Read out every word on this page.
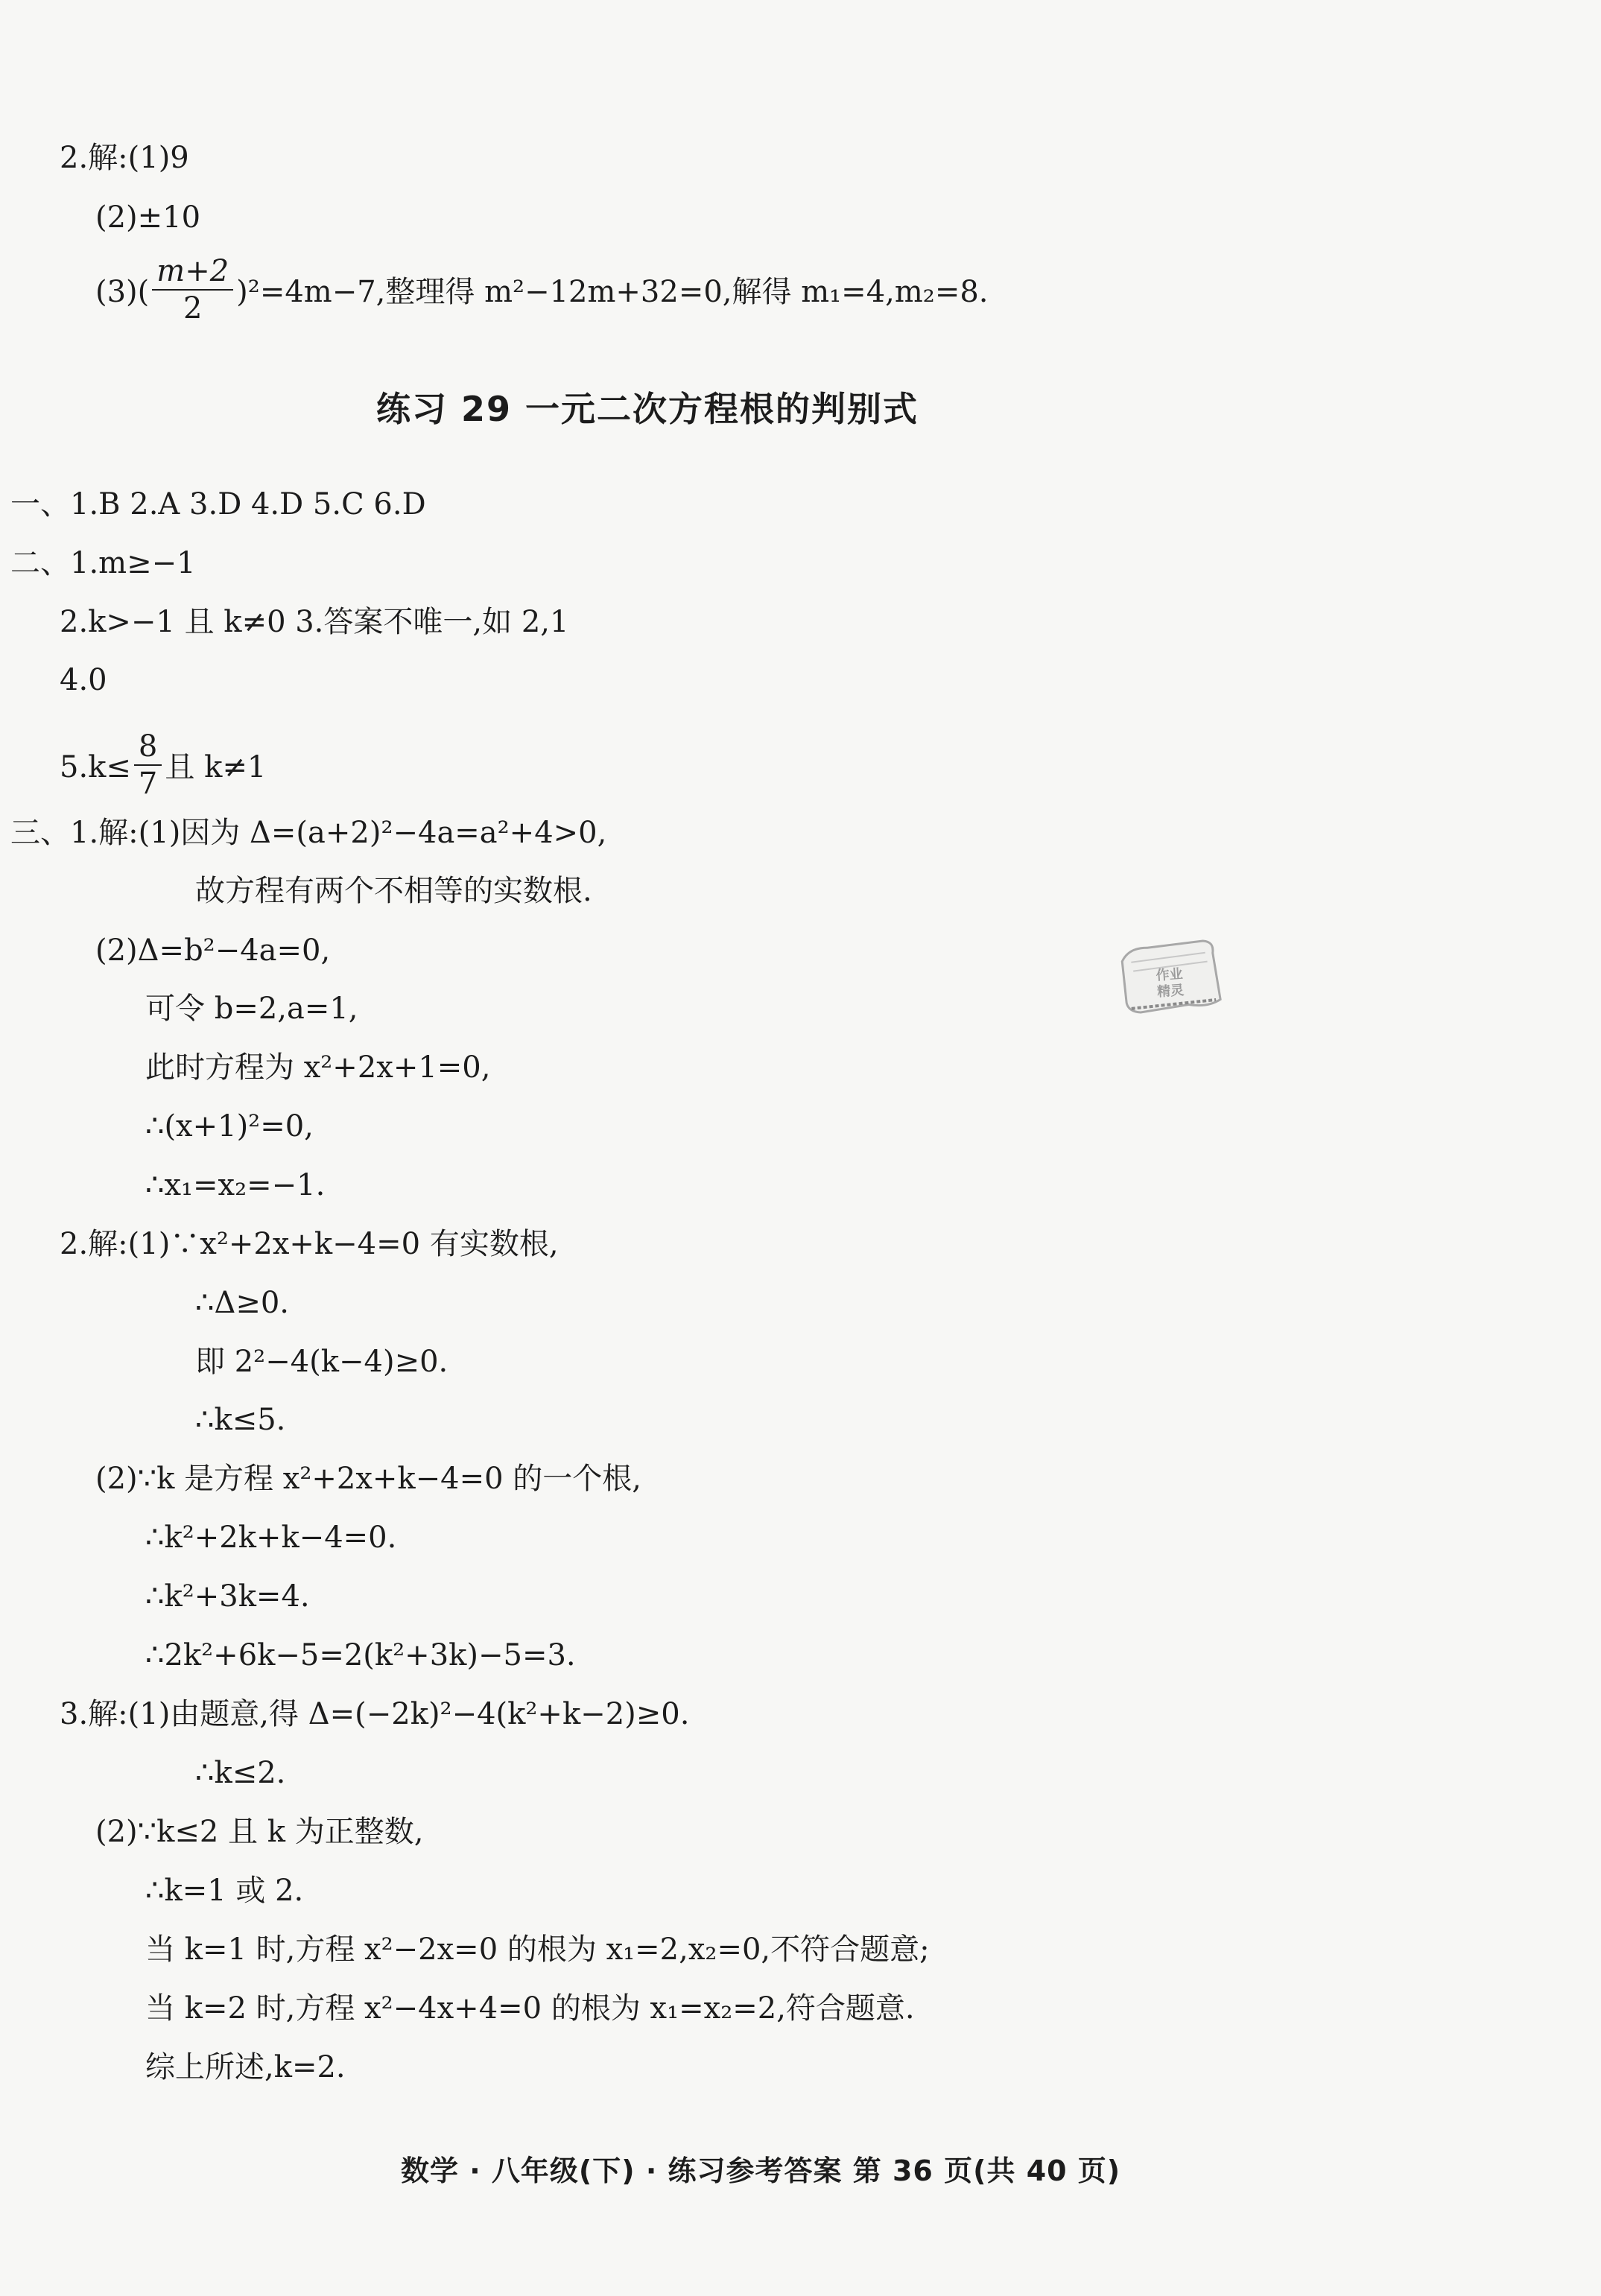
2.解:(1)9
(2)±10
$(3)( \frac{m+2}{2} )^2=4m-7$,整理得 m²−12m+32=0,解得 m₁=4,m₂=8.
练习 29 一元二次方程根的判别式
一、1.B 2.A 3.D 4.D 5.C 6.D
二、1.m≥−1
2.k>−1 且 k≠0 3.答案不唯一,如 2,1
4.0
$5.k\le \frac{8}{7}$ 且 k≠1
三、1.解:(1)因为 Δ=(a+2)²−4a=a²+4>0,
故方程有两个不相等的实数根.
(2)Δ=b²−4a=0,
可令 b=2,a=1,
此时方程为 x²+2x+1=0,
∴(x+1)²=0,
∴x₁=x₂=−1.
2.解:(1)∵x²+2x+k−4=0 有实数根,
∴Δ≥0.
即 2²−4(k−4)≥0.
∴k≤5.
(2)∵k 是方程 x²+2x+k−4=0 的一个根,
∴k²+2k+k−4=0.
∴k²+3k=4.
∴2k²+6k−5=2(k²+3k)−5=3.
3.解:(1)由题意,得 Δ=(−2k)²−4(k²+k−2)≥0.
∴k≤2.
(2)∵k≤2 且 k 为正整数,
∴k=1 或 2.
当 k=1 时,方程 x²−2x=0 的根为 x₁=2,x₂=0,不符合题意;
当 k=2 时,方程 x²−4x+4=0 的根为 x₁=x₂=2,符合题意.
综上所述,k=2.
作业
精灵
数学 · 八年级(下) · 练习参考答案 第 36 页(共 40 页)
